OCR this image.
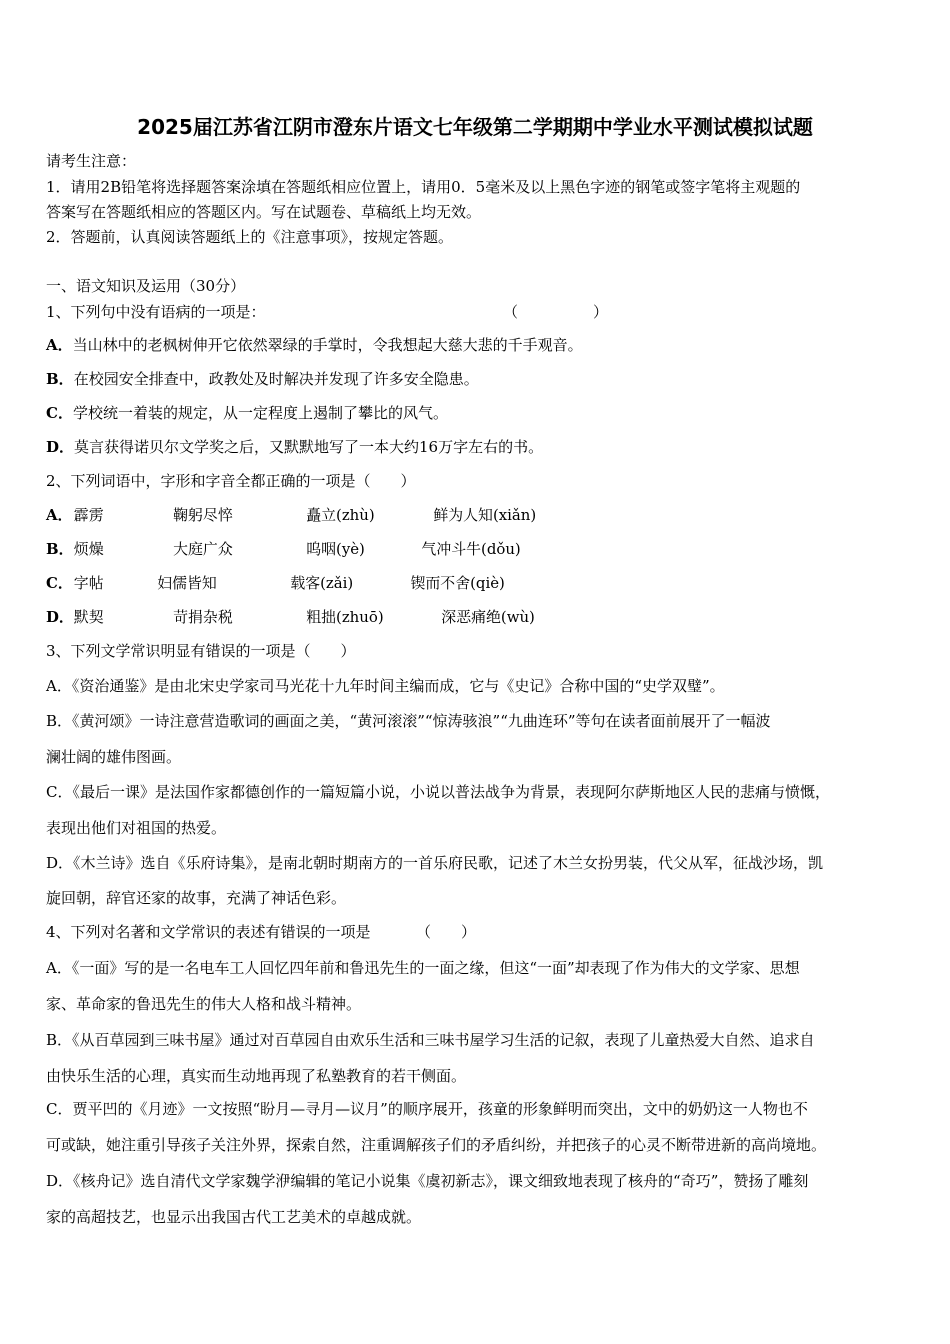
2025届江苏省江阴市澄东片语文七年级第二学期期中学业水平测试模拟试题
请考生注意：
1．请用2B铅笔将选择题答案涂填在答题纸相应位置上，请用0．5毫米及以上黑色字迹的钢笔或签字笔将主观题的
答案写在答题纸相应的答题区内。写在试题卷、草稿纸上均无效。
2．答题前，认真阅读答题纸上的《注意事项》，按规定答题。
一、语文知识及运用（30分）
1、下列句中没有语病的一项是：	（　　　　　）
A．当山林中的老枫树伸开它依然翠绿的手掌时，令我想起大慈大悲的千手观音。
B．在校园安全排查中，政教处及时解决并发现了许多安全隐患。
C．学校统一着装的规定，从一定程度上遏制了攀比的风气。
D．莫言获得诺贝尔文学奖之后，又默默地写了一本大约16万字左右的书。
2、下列词语中，字形和字音全都正确的一项是（　　）
A． 霹雳	鞠躬尽悴	矗立(zhù)	鲜为人知(xiǎn)
B． 烦燥	大庭广众	呜咽(yè)	气冲斗牛(dǒu)
C． 字帖	妇儒皆知	载客(zǎi)	锲而不舍(qiè)
D． 默契	苛捐杂税	粗拙(zhuō)	深恶痛绝(wù)
3、下列文学常识明显有错误的一项是（　　）
A．《资治通鉴》是由北宋史学家司马光花十九年时间主编而成，它与《史记》合称中国的“史学双璧”。
B．《黄河颂》一诗注意营造歌词的画面之美，“黄河滚滚”“惊涛骇浪”“九曲连环”等句在读者面前展开了一幅波
澜壮阔的雄伟图画。
C．《最后一课》是法国作家都德创作的一篇短篇小说，小说以普法战争为背景，表现阿尔萨斯地区人民的悲痛与愤慨，
表现出他们对祖国的热爱。
D．《木兰诗》选自《乐府诗集》，是南北朝时期南方的一首乐府民歌，记述了木兰女扮男装，代父从军，征战沙场，凯
旋回朝，辞官还家的故事，充满了神话色彩。
4、下列对名著和文学常识的表述有错误的一项是	（　　）
A．《一面》写的是一名电车工人回忆四年前和鲁迅先生的一面之缘，但这“一面”却表现了作为伟大的文学家、思想
家、革命家的鲁迅先生的伟大人格和战斗精神。
B．《从百草园到三味书屋》通过对百草园自由欢乐生活和三味书屋学习生活的记叙，表现了儿童热爱大自然、追求自
由快乐生活的心理，真实而生动地再现了私塾教育的若干侧面。
C．贾平凹的《月迹》一文按照“盼月—寻月—议月”的顺序展开，孩童的形象鲜明而突出，文中的奶奶这一人物也不
可或缺，她注重引导孩子关注外界，探索自然，注重调解孩子们的矛盾纠纷，并把孩子的心灵不断带进新的高尚境地。
D．《核舟记》选自清代文学家魏学洢编辑的笔记小说集《虞初新志》，课文细致地表现了核舟的“奇巧”，赞扬了雕刻
家的高超技艺，也显示出我国古代工艺美术的卓越成就。
